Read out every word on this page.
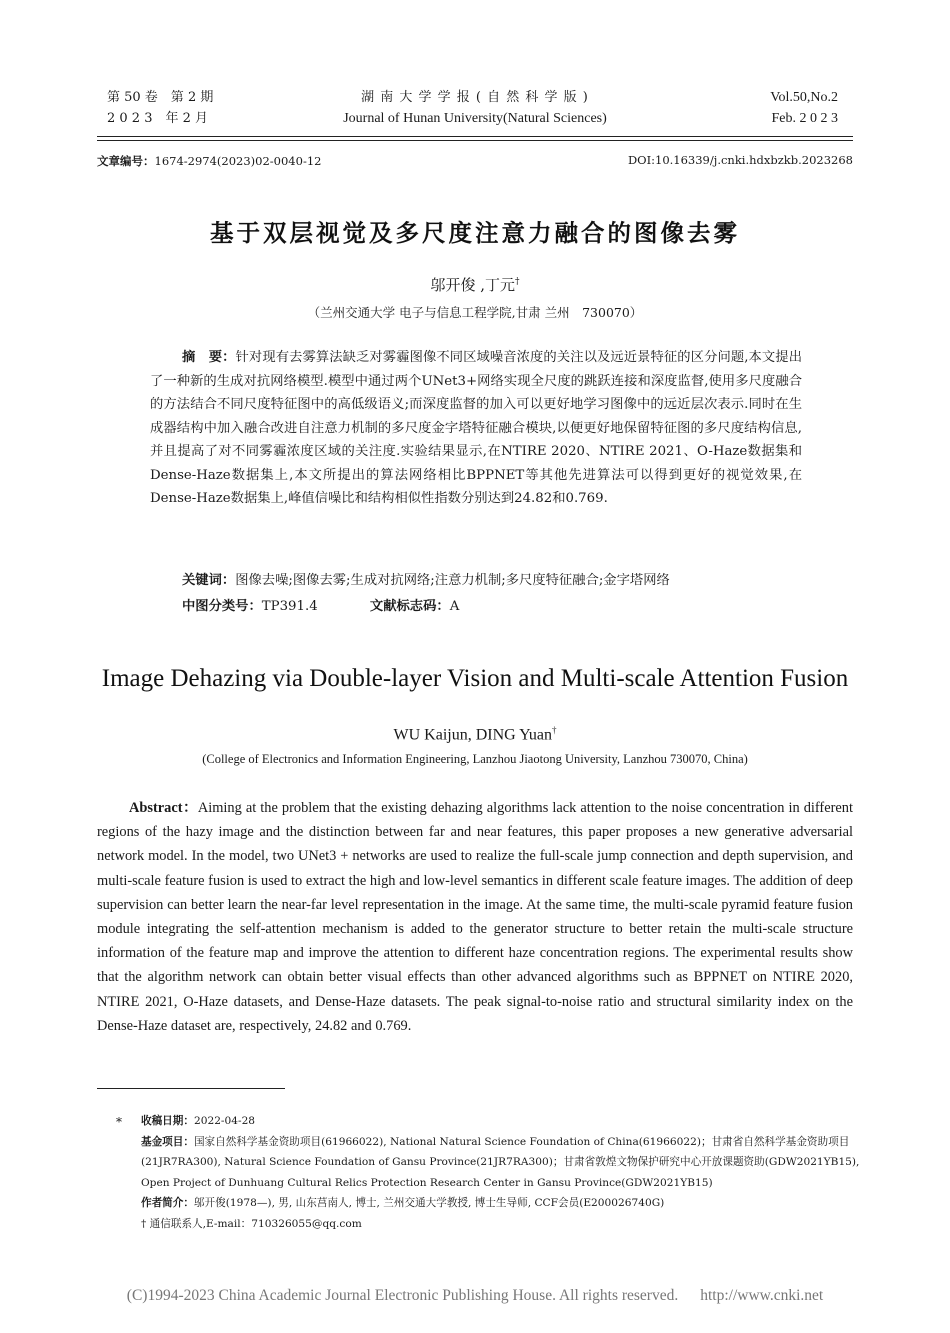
第 50 卷　第 2 期
2 0 2 3　年 2 月
湖 南 大 学 学 报 ( 自 然 科 学 版 )
Journal of Hunan University(Natural Sciences)
Vol.50,No.2
Feb. 2 0 2 3
文章编号：1674-2974(2023)02-0040-12	DOI:10.16339/j.cnki.hdxbzkb.2023268
基于双层视觉及多尺度注意力融合的图像去雾
邬开俊 ,丁元†
（兰州交通大学 电子与信息工程学院,甘肃 兰州　730070）
摘　要：针对现有去雾算法缺乏对雾霾图像不同区域噪音浓度的关注以及远近景特征的区分问题,本文提出了一种新的生成对抗网络模型.模型中通过两个UNet3+网络实现全尺度的跳跃连接和深度监督,使用多尺度融合的方法结合不同尺度特征图中的高低级语义;而深度监督的加入可以更好地学习图像中的远近层次表示.同时在生成器结构中加入融合改进自注意力机制的多尺度金字塔特征融合模块,以便更好地保留特征图的多尺度结构信息,并且提高了对不同雾霾浓度区域的关注度.实验结果显示,在NTIRE 2020、NTIRE 2021、O-Haze数据集和Dense-Haze数据集上,本文所提出的算法网络相比BPPNET等其他先进算法可以得到更好的视觉效果,在Dense-Haze数据集上,峰值信噪比和结构相似性指数分别达到24.82和0.769.
关键词：图像去噪;图像去雾;生成对抗网络;注意力机制;多尺度特征融合;金字塔网络
中图分类号：TP391.4	文献标志码：A
Image Dehazing via Double-layer Vision and Multi-scale Attention Fusion
WU Kaijun, DING Yuan†
(College of Electronics and Information Engineering, Lanzhou Jiaotong University, Lanzhou 730070, China)
Abstract：Aiming at the problem that the existing dehazing algorithms lack attention to the noise concentration in different regions of the hazy image and the distinction between far and near features, this paper proposes a new generative adversarial network model. In the model, two UNet3 + networks are used to realize the full-scale jump connection and depth supervision, and multi-scale feature fusion is used to extract the high and low-level semantics in different scale feature images. The addition of deep supervision can better learn the near-far level representation in the image. At the same time, the multi-scale pyramid feature fusion module integrating the self-attention mechanism is added to the generator structure to better retain the multi-scale structure information of the feature map and improve the attention to different haze concentration regions. The experimental results show that the algorithm network can obtain better visual effects than other advanced algorithms such as BPPNET on NTIRE 2020, NTIRE 2021, O-Haze datasets, and Dense-Haze datasets. The peak signal-to-noise ratio and structural similarity index on the Dense-Haze dataset are, respectively, 24.82 and 0.769.
* 收稿日期：2022-04-28
基金项目：国家自然科学基金资助项目(61966022), National Natural Science Foundation of China(61966022)；甘肃省自然科学基金资助项目(21JR7RA300), Natural Science Foundation of Gansu Province(21JR7RA300)；甘肃省敦煌文物保护研究中心开放课题资助(GDW2021YB15), Open Project of Dunhuang Cultural Relics Protection Research Center in Gansu Province(GDW2021YB15)
作者简介：邬开俊(1978—), 男, 山东莒南人, 博士, 兰州交通大学教授, 博士生导师, CCF会员(E200026740G)
† 通信联系人,E-mail：710326055@qq.com
(C)1994-2023 China Academic Journal Electronic Publishing House. All rights reserved. http://www.cnki.net
